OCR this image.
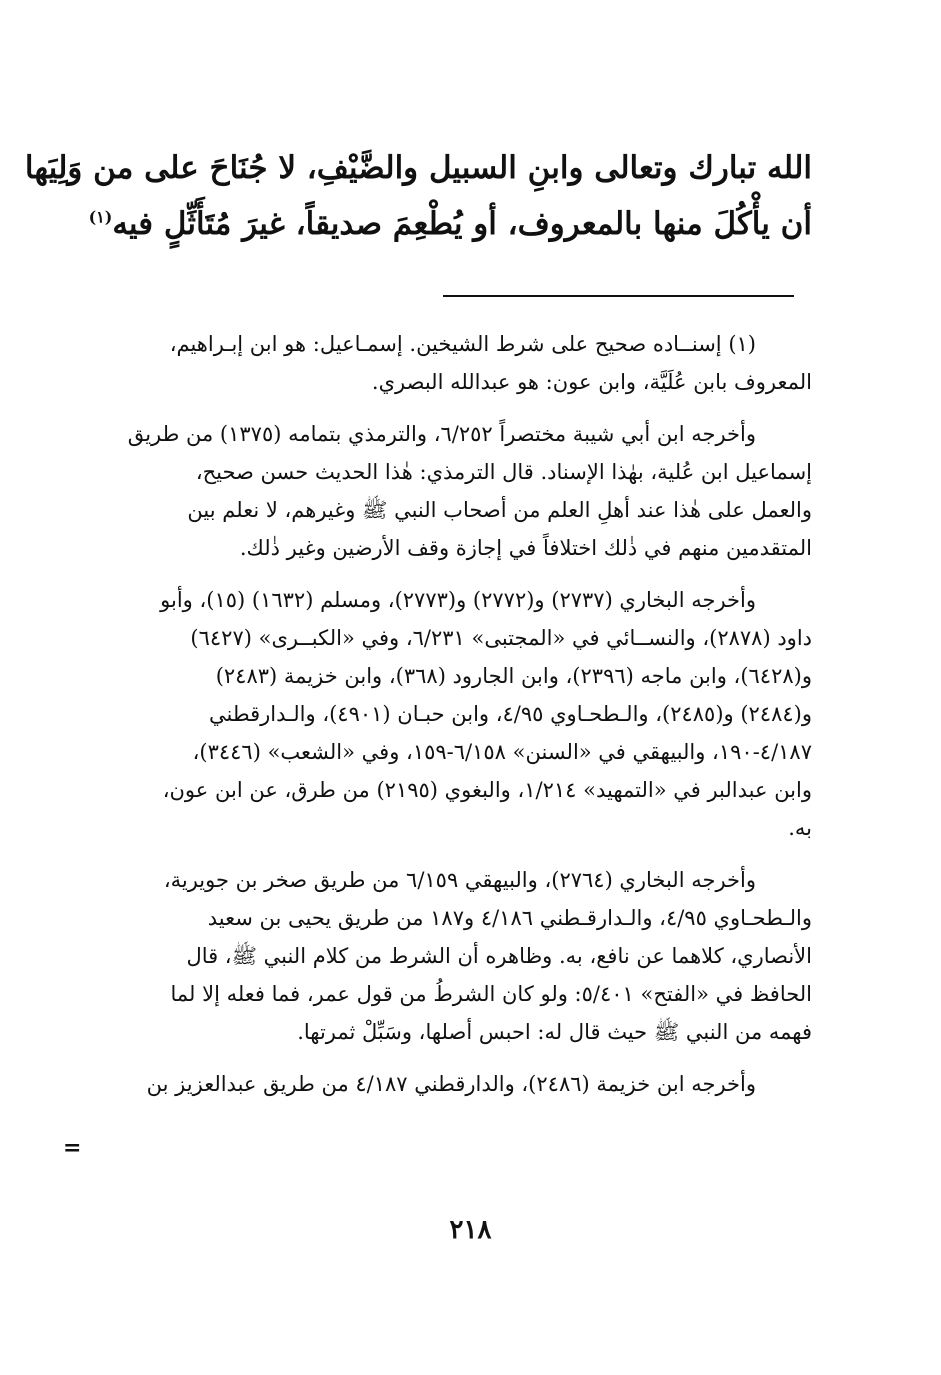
الله تبارك وتعالى وابنِ السبيل والضَّيْفِ، لا جُنَاحَ على من وَلِيَها
أن يأْكُلَ منها بالمعروف، أو يُطْعِمَ صديقاً، غيرَ مُتَأَثِّلٍ فيه$^{(١)}$
(١) إسنــاده صحيح على شرط الشيخين. إسمـاعيل: هو ابن إبـراهيم،
المعروف بابن عُلَيَّة، وابن عون: هو عبدالله البصري.
وأخرجه ابن أبي شيبة مختصراً ٦/٢٥٢، والترمذي بتمامه (١٣٧٥) من طريق
إسماعيل ابن عُلية، بهٰذا الإسناد. قال الترمذي: هٰذا الحديث حسن صحيح،
والعمل على هٰذا عند أهلِ العلم من أصحاب النبي ﷺ وغيرهم، لا نعلم بين
المتقدمين منهم في ذٰلك اختلافاً في إجازة وقف الأرضين وغير ذٰلك.
وأخرجه البخاري (٢٧٣٧) و(٢٧٧٢) و(٢٧٧٣)، ومسلم (١٦٣٢) (١٥)، وأبو
داود (٢٨٧٨)، والنســائي في «المجتبى» ٦/٢٣١، وفي «الكبــرى» (٦٤٢٧)
و(٦٤٢٨)، وابن ماجه (٢٣٩٦)، وابن الجارود (٣٦٨)، وابن خزيمة (٢٤٨٣)
و(٢٤٨٤) و(٢٤٨٥)، والـطحـاوي ٤/٩٥، وابن حبـان (٤٩٠١)، والـدارقطني
٤/١٨٧-١٩٠، والبيهقي في «السنن» ٦/١٥٨-١٥٩، وفي «الشعب» (٣٤٤٦)،
وابن عبدالبر في «التمهيد» ١/٢١٤، والبغوي (٢١٩٥) من طرق، عن ابن عون،
به.
وأخرجه البخاري (٢٧٦٤)، والبيهقي ٦/١٥٩ من طريق صخر بن جويرية،
والـطحـاوي ٤/٩٥، والـدارقـطني ٤/١٨٦ و١٨٧ من طريق يحيى بن سعيد
الأنصاري، كلاهما عن نافع، به. وظاهره أن الشرط من كلام النبي ﷺ، قال
الحافظ في «الفتح» ٥/٤٠١: ولو كان الشرطُ من قول عمر، فما فعله إلا لما
فهمه من النبي ﷺ حيث قال له: احبس أصلها، وسَبِّلْ ثمرتها.
وأخرجه ابن خزيمة (٢٤٨٦)، والدارقطني ٤/١٨٧ من طريق عبدالعزيز بن
=
٢١٨
